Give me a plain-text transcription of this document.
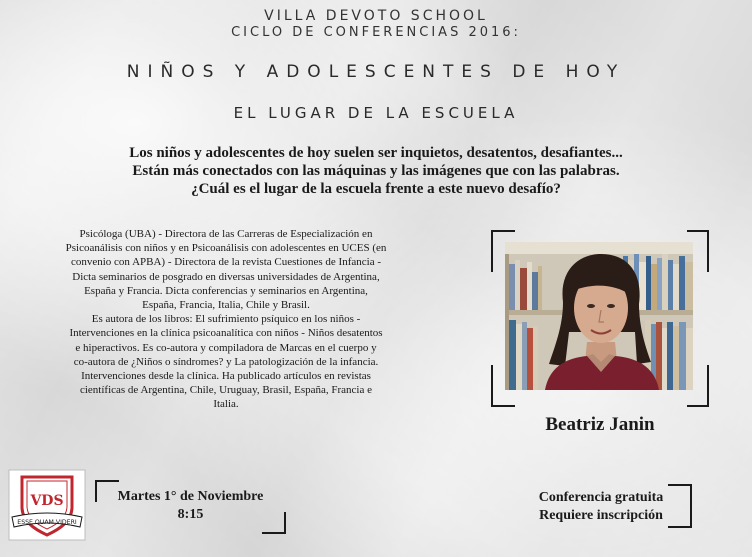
VILLA DEVOTO SCHOOL
CICLO DE CONFERENCIAS 2016:
NIÑOS Y ADOLESCENTES DE HOY
EL LUGAR DE LA ESCUELA
Los niños y adolescentes de hoy suelen ser inquietos, desatentos, desafiantes...
Están más conectados con las máquinas y las imágenes que con las palabras.
¿Cuál es el lugar de la escuela frente a este nuevo desafío?
Psicóloga (UBA) - Directora de las Carreras de Especialización en
Psicoanálisis con niños y en Psicoanálisis con adolescentes en UCES (en
convenio con APBA) - Directora de la revista Cuestiones de Infancia -
Dicta seminarios de posgrado en diversas universidades de Argentina,
España y Francia. Dicta conferencias y seminarios en Argentina,
España, Francia, Italia, Chile y Brasil.
Es autora de los libros: El sufrimiento psíquico en los niños -
Intervenciones en la clínica psicoanalítica con niños - Niños desatentos
e hiperactivos. Es co-autora y compiladora de Marcas en el cuerpo y
co-autora de ¿Niños o síndromes? y La patologización de la infancia.
Intervenciones desde la clínica. Ha publicado artículos en revistas
científicas de Argentina, Chile, Uruguay, Brasil, España, Francia e
Italia.
Beatriz Janin
VDS
ESSE QUAM VIDERI
Martes 1° de Noviembre
8:15
Conferencia gratuita
Requiere inscripción
